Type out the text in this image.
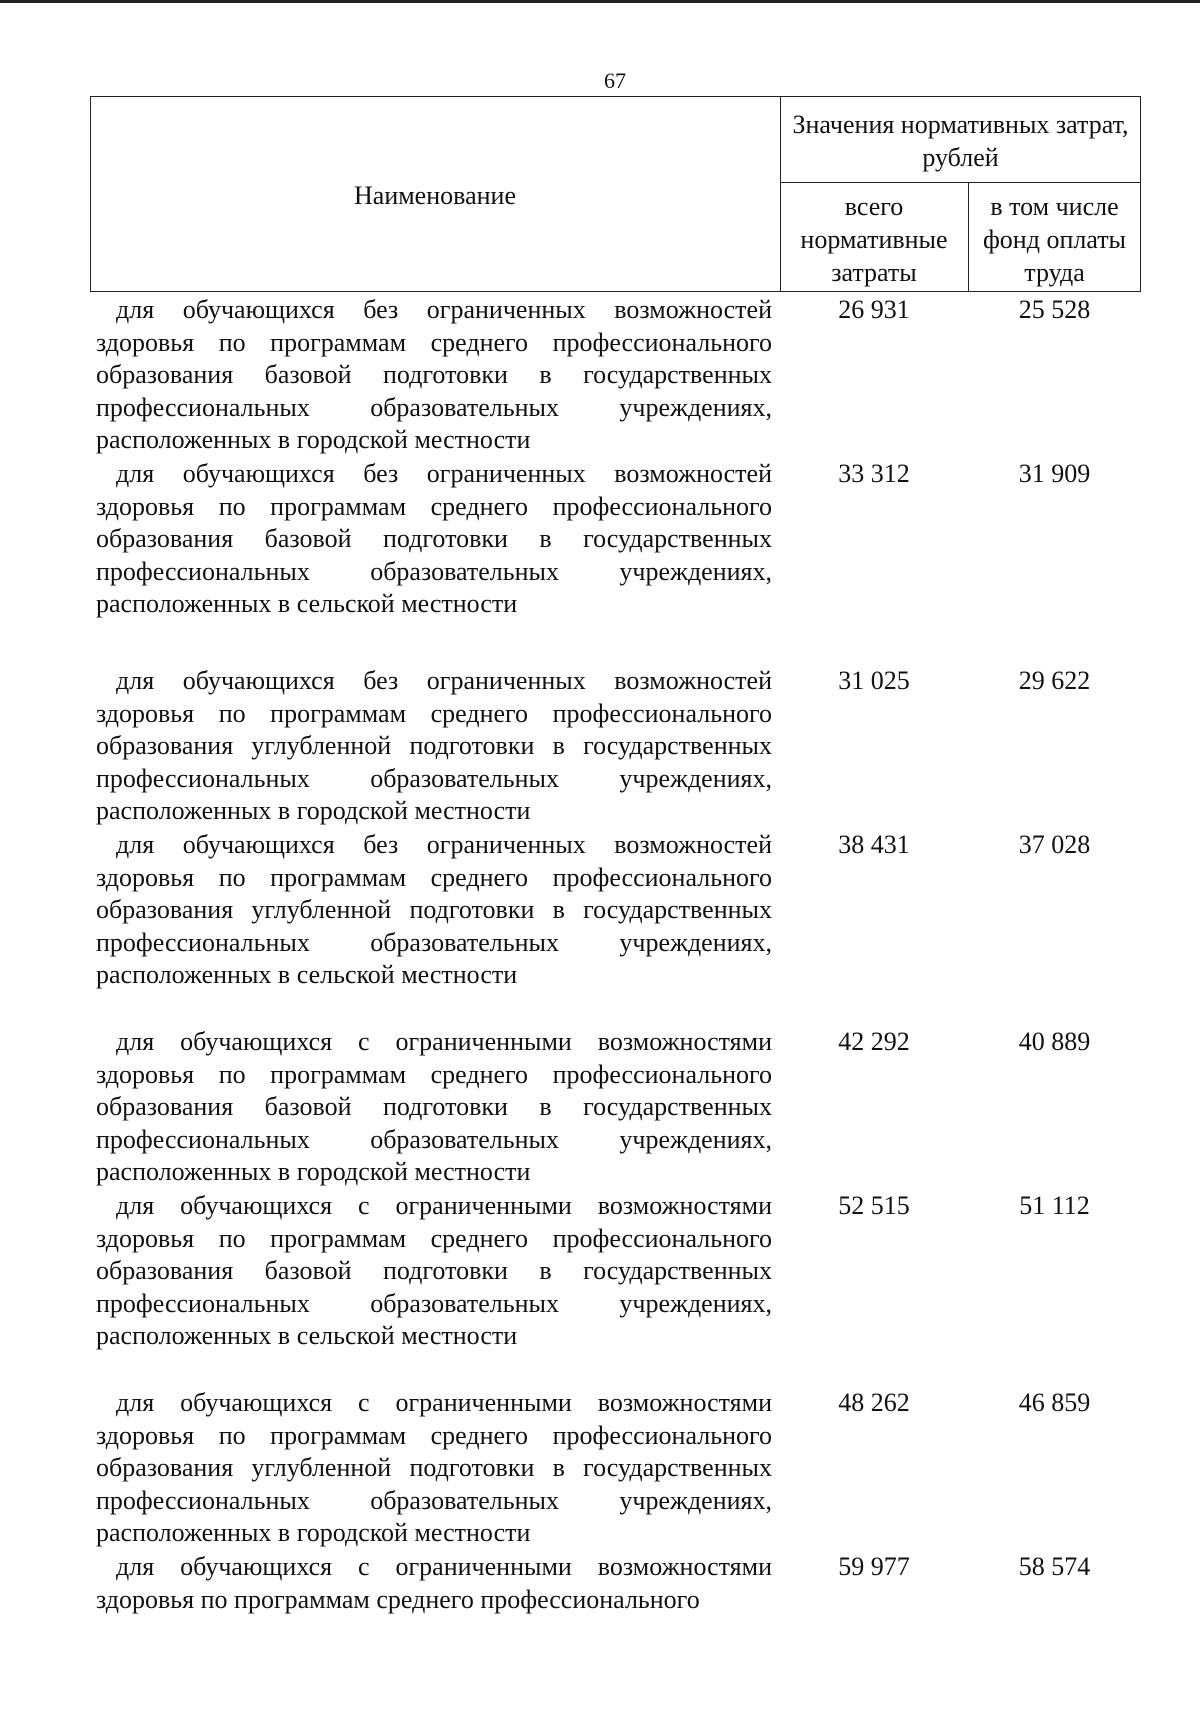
67
Наименование
Значения нормативных затрат, рублей
всего нормативные затраты
в том числе фонд оплаты труда
для обучающихся без ограниченных возможностей здоровья по программам среднего профессионального образования базовой подготовки в государственных профессиональных образовательных учреждениях, расположенных в городской местности
26 931	25 528
для обучающихся без ограниченных возможностей здоровья по программам среднего профессионального образования базовой подготовки в государственных профессиональных образовательных учреждениях, расположенных в сельской местности
33 312	31 909
для обучающихся без ограниченных возможностей здоровья по программам среднего профессионального образования углубленной подготовки в государственных профессиональных образовательных учреждениях, расположенных в городской местности
31 025	29 622
для обучающихся без ограниченных возможностей здоровья по программам среднего профессионального образования углубленной подготовки в государственных профессиональных образовательных учреждениях, расположенных в сельской местности
38 431	37 028
для обучающихся с ограниченными возможностями здоровья по программам среднего профессионального образования базовой подготовки в государственных профессиональных образовательных учреждениях, расположенных в городской местности
42 292	40 889
для обучающихся с ограниченными возможностями здоровья по программам среднего профессионального образования базовой подготовки в государственных профессиональных образовательных учреждениях, расположенных в сельской местности
52 515	51 112
для обучающихся с ограниченными возможностями здоровья по программам среднего профессионального образования углубленной подготовки в государственных профессиональных образовательных учреждениях, расположенных в городской местности
48 262	46 859
для обучающихся с ограниченными возможностями здоровья по программам среднего профессионального
59 977	58 574
